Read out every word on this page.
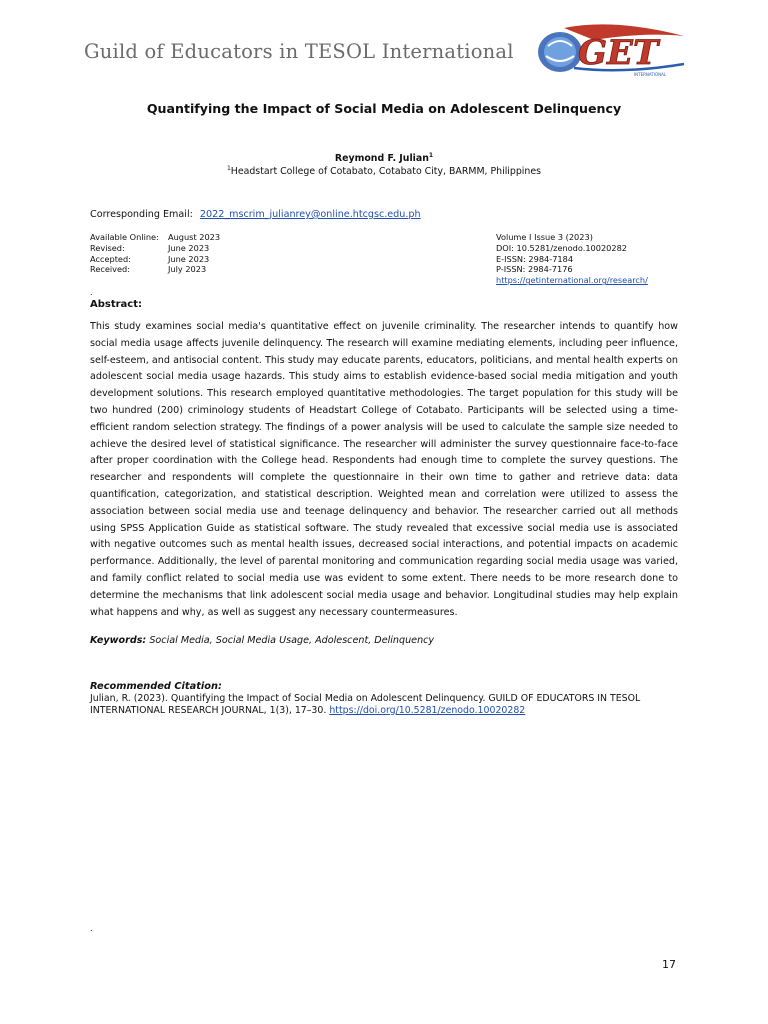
Guild of Educators in TESOL International GET
INTERNATIONAL
Quantifying the Impact of Social Media on Adolescent Delinquency
Reymond F. Julian$^1$
$^1$Headstart College of Cotabato, Cotabato City, BARMM, Philippines
Corresponding Email: 2022_mscrim_julianrey@online.htcgsc.edu.ph
Available Online:	August 2023
Revised:	June 2023
Accepted:	June 2023
Received:	July 2023
Volume I Issue 3 (2023)
DOI: 10.5281/zenodo.10020282
E-ISSN: 2984-7184
P-ISSN: 2984-7176
https://getinternational.org/research/
.
Abstract:
This study examines social media's quantitative effect on juvenile criminality. The researcher intends to quantify how social media usage affects juvenile delinquency. The research will examine mediating elements, including peer influence, self-esteem, and antisocial content. This study may educate parents, educators, politicians, and mental health experts on adolescent social media usage hazards. This study aims to establish evidence-based social media mitigation and youth development solutions. This research employed quantitative methodologies. The target population for this study will be two hundred (200) criminology students of Headstart College of Cotabato. Participants will be selected using a time-efficient random selection strategy. The findings of a power analysis will be used to calculate the sample size needed to achieve the desired level of statistical significance. The researcher will administer the survey questionnaire face-to-face after proper coordination with the College head. Respondents had enough time to complete the survey questions. The researcher and respondents will complete the questionnaire in their own time to gather and retrieve data: data quantification, categorization, and statistical description. Weighted mean and correlation were utilized to assess the association between social media use and teenage delinquency and behavior. The researcher carried out all methods using SPSS Application Guide as statistical software. The study revealed that excessive social media use is associated with negative outcomes such as mental health issues, decreased social interactions, and potential impacts on academic performance. Additionally, the level of parental monitoring and communication regarding social media usage was varied, and family conflict related to social media use was evident to some extent. There needs to be more research done to determine the mechanisms that link adolescent social media usage and behavior. Longitudinal studies may help explain what happens and why, as well as suggest any necessary countermeasures.
Keywords: Social Media, Social Media Usage, Adolescent, Delinquency
Recommended Citation:
Julian, R. (2023). Quantifying the Impact of Social Media on Adolescent Delinquency. GUILD OF EDUCATORS IN TESOL INTERNATIONAL RESEARCH JOURNAL, 1(3), 17–30. https://doi.org/10.5281/zenodo.10020282
.
17
